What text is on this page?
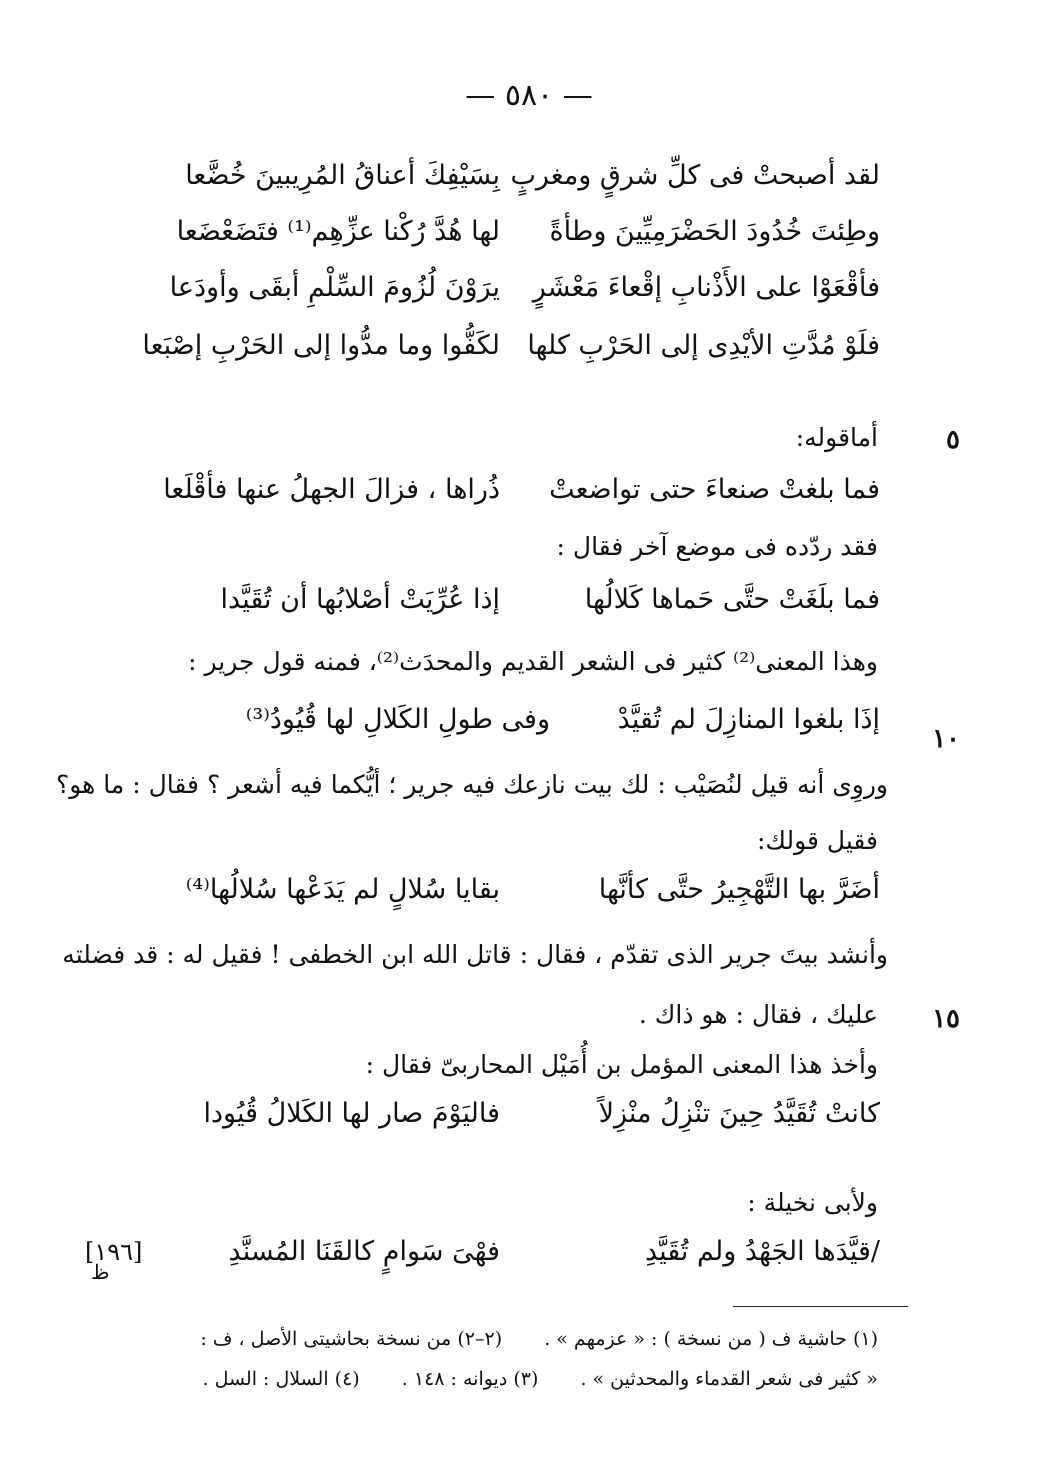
— ٥٨٠ —
لقد أصبحتْ فى كلِّ شرقٍ ومغربٍ
بِسَيْفِكَ أعناقُ المُرِيبينَ خُضَّعا
وطِئتَ خُدُودَ الحَضْرَمِيِّينَ وطأةً
لها هُدَّ رُكْنا عزِّهِم⁽¹⁾ فتَضَعْضَعا
فأقْعَوْا على الأَذْنابِ إقْعاءَ مَعْشَرٍ
يرَوْنَ لُزُومَ السِّلْمِ أبقَى وأودَعا
فلَوْ مُدَّتِ الأيْدِى إلى الحَرْبِ كلها
لكَفُّوا وما مدُّوا إلى الحَرْبِ إصْبَعا
٥
أماقوله:
فما بلغتْ صنعاءَ حتى تواضعتْ
ذُراها ، فزالَ الجهلُ عنها فأقْلَعا
فقد ردّده فى موضع آخر فقال :
فما بلَغَتْ حتَّى حَماها كَلالُها
إذا عُرِّيَتْ أصْلابُها أن تُقَيَّدا
وهذا المعنى⁽²⁾ كثير فى الشعر القديم والمحدَث⁽²⁾، فمنه قول جرير :
١٠
إذَا بلغوا المنازِلَ لم تُقيَّدْ
وفى طولِ الكَلالِ لها قُيُودُ⁽³⁾
وروِى أنه قيل لنُصَيْب : لك بيت نازعك فيه جرير ؛ أيُّكما فيه أشعر ؟ فقال : ما هو؟
فقيل قولك:
أضَرَّ بها التَّهْجِيرُ حتَّى كأنَّها
بقايا سُلالٍ لم يَدَعْها سُلالُها⁽⁴⁾
وأنشد بيتَ جرير الذى تقدّم ، فقال : قاتل الله ابن الخطفى ! فقيل له : قد فضلته
١٥
عليك ، فقال : هو ذاك .
وأخذ هذا المعنى المؤمل بن أُمَيْل المحاربىّ فقال :
كانتْ تُقَيَّدُ حِينَ تنْزِلُ منْزِلاً
فاليَوْمَ صار لها الكَلالُ قُيُودا
ولأبى نخيلة :
/قيَّدَها الجَهْدُ ولم تُقَيَّدِ
فهْىَ سَوامٍ كالقَنَا المُسنَّدِ
[١٩٦]
ظ
(١) حاشية ف ( من نسخة ) : « عزمهم » . (٢–٢) من نسخة بحاشيتى الأصل ، ف :
« كثير فى شعر القدماء والمحدثين » . (٣) ديوانه : ١٤٨ . (٤) السلال : السل .
